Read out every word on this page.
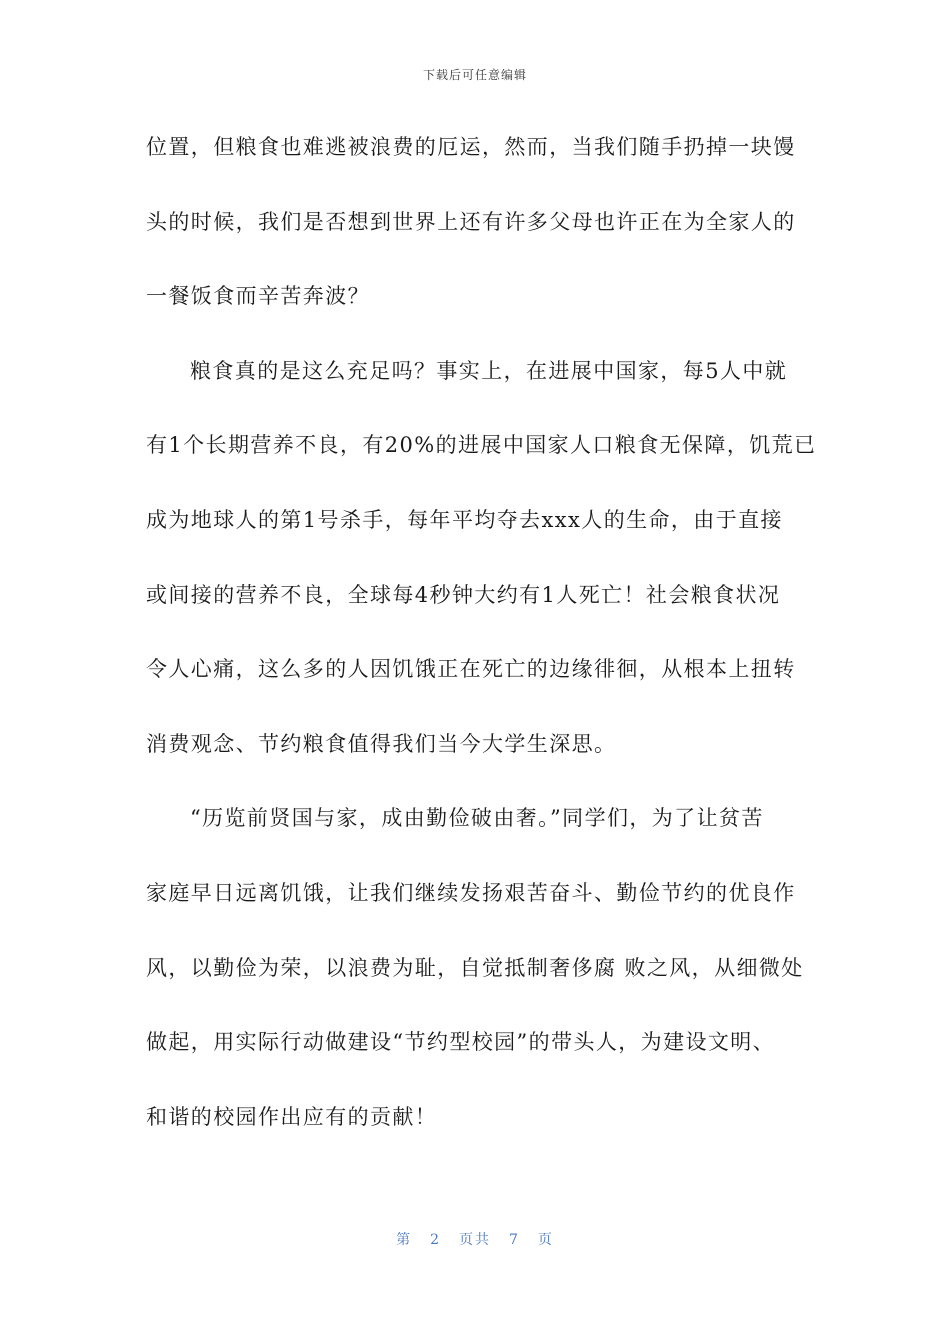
下载后可任意编辑
位置，但粮食也难逃被浪费的厄运，然而，当我们随手扔掉一块馒
头的时候，我们是否想到世界上还有许多父母也许正在为全家人的
一餐饭食而辛苦奔波？
粮食真的是这么充足吗？事实上，在进展中国家，每5人中就
有1个长期营养不良，有20%的进展中国家人口粮食无保障，饥荒已
成为地球人的第1号杀手，每年平均夺去xxx人的生命，由于直接
或间接的营养不良，全球每4秒钟大约有1人死亡！社会粮食状况
令人心痛，这么多的人因饥饿正在死亡的边缘徘徊，从根本上扭转
消费观念、节约粮食值得我们当今大学生深思。
“历览前贤国与家，成由勤俭破由奢。”同学们，为了让贫苦
家庭早日远离饥饿，让我们继续发扬艰苦奋斗、勤俭节约的优良作
风，以勤俭为荣，以浪费为耻，自觉抵制奢侈腐 败之风，从细微处
做起，用实际行动做建设“节约型校园”的带头人，为建设文明、
和谐的校园作出应有的贡献！
第 2 页共 7 页
